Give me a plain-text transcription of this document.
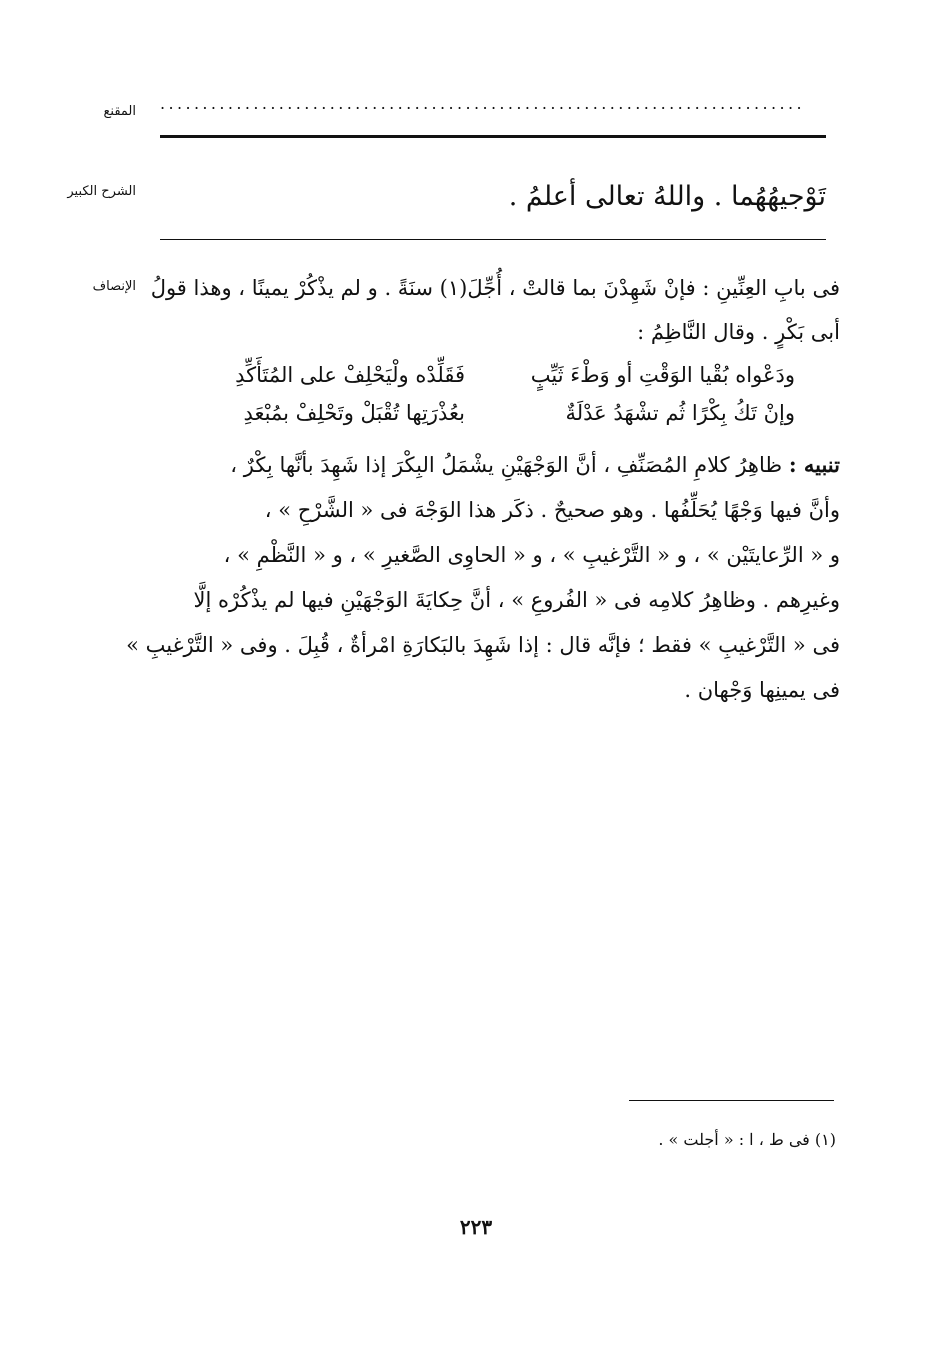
المقنع ............................................................................
الشرح الكبير	تَوْجيهُهُما . واللهُ تعالى أعلمُ .
الإنصاف فى بابِ العِنِّينِ : فإنْ شَهِدْنَ بما قالتْ ، أُجِّلَ(١) سنَةً . و لم يذْكُرْ يمينًا ، وهذا قولُ

أبى بَكْرٍ . وقال النَّاظِمُ :

ودَعْواه بُقْيا الوَقْتِ أو وَطْءَ ثَيِّبٍ
فَقَلِّدْه ولْيَحْلِفْ على المُتَأَكِّدِ
وإنْ تَكُ بِكْرًا ثُم تشْهَدُ عَدْلَةٌ
بعُذْرَتِها تُقْبَلْ وتَحْلِفْ بمُبْعَدِ

تنبيه : ظاهِرُ كلامِ المُصَنِّفِ ، أنَّ الوَجْهَيْنِ يشْمَلُ البِكْرَ إذا شَهِدَ بأنَّها بِكْرٌ ،

وأنَّ فيها وَجْهًا يُحَلِّفُها . وهو صحيحٌ . ذكَر هذا الوَجْهَ فى « الشَّرْحِ » ،

و « الرِّعايتَيْن » ، و « التَّرْغيبِ » ، و « الحاوِى الصَّغيرِ » ، و « النَّظْمِ » ،

وغيرِهم . وظاهِرُ كلامِه فى « الفُروعِ » ، أنَّ حِكايَةَ الوَجْهَيْنِ فيها لم يذْكُرْه إلَّا

فى « التَّرْغيبِ » فقط ؛ فإنَّه قال : إذا شَهِدَ بالبَكارَةِ امْرأةٌ ، قُبِلَ . وفى « التَّرْغيبِ »

فى يمينِها وَجْهان .

(١) فى ط ، ا : « أجلت » .
٢٢٣
